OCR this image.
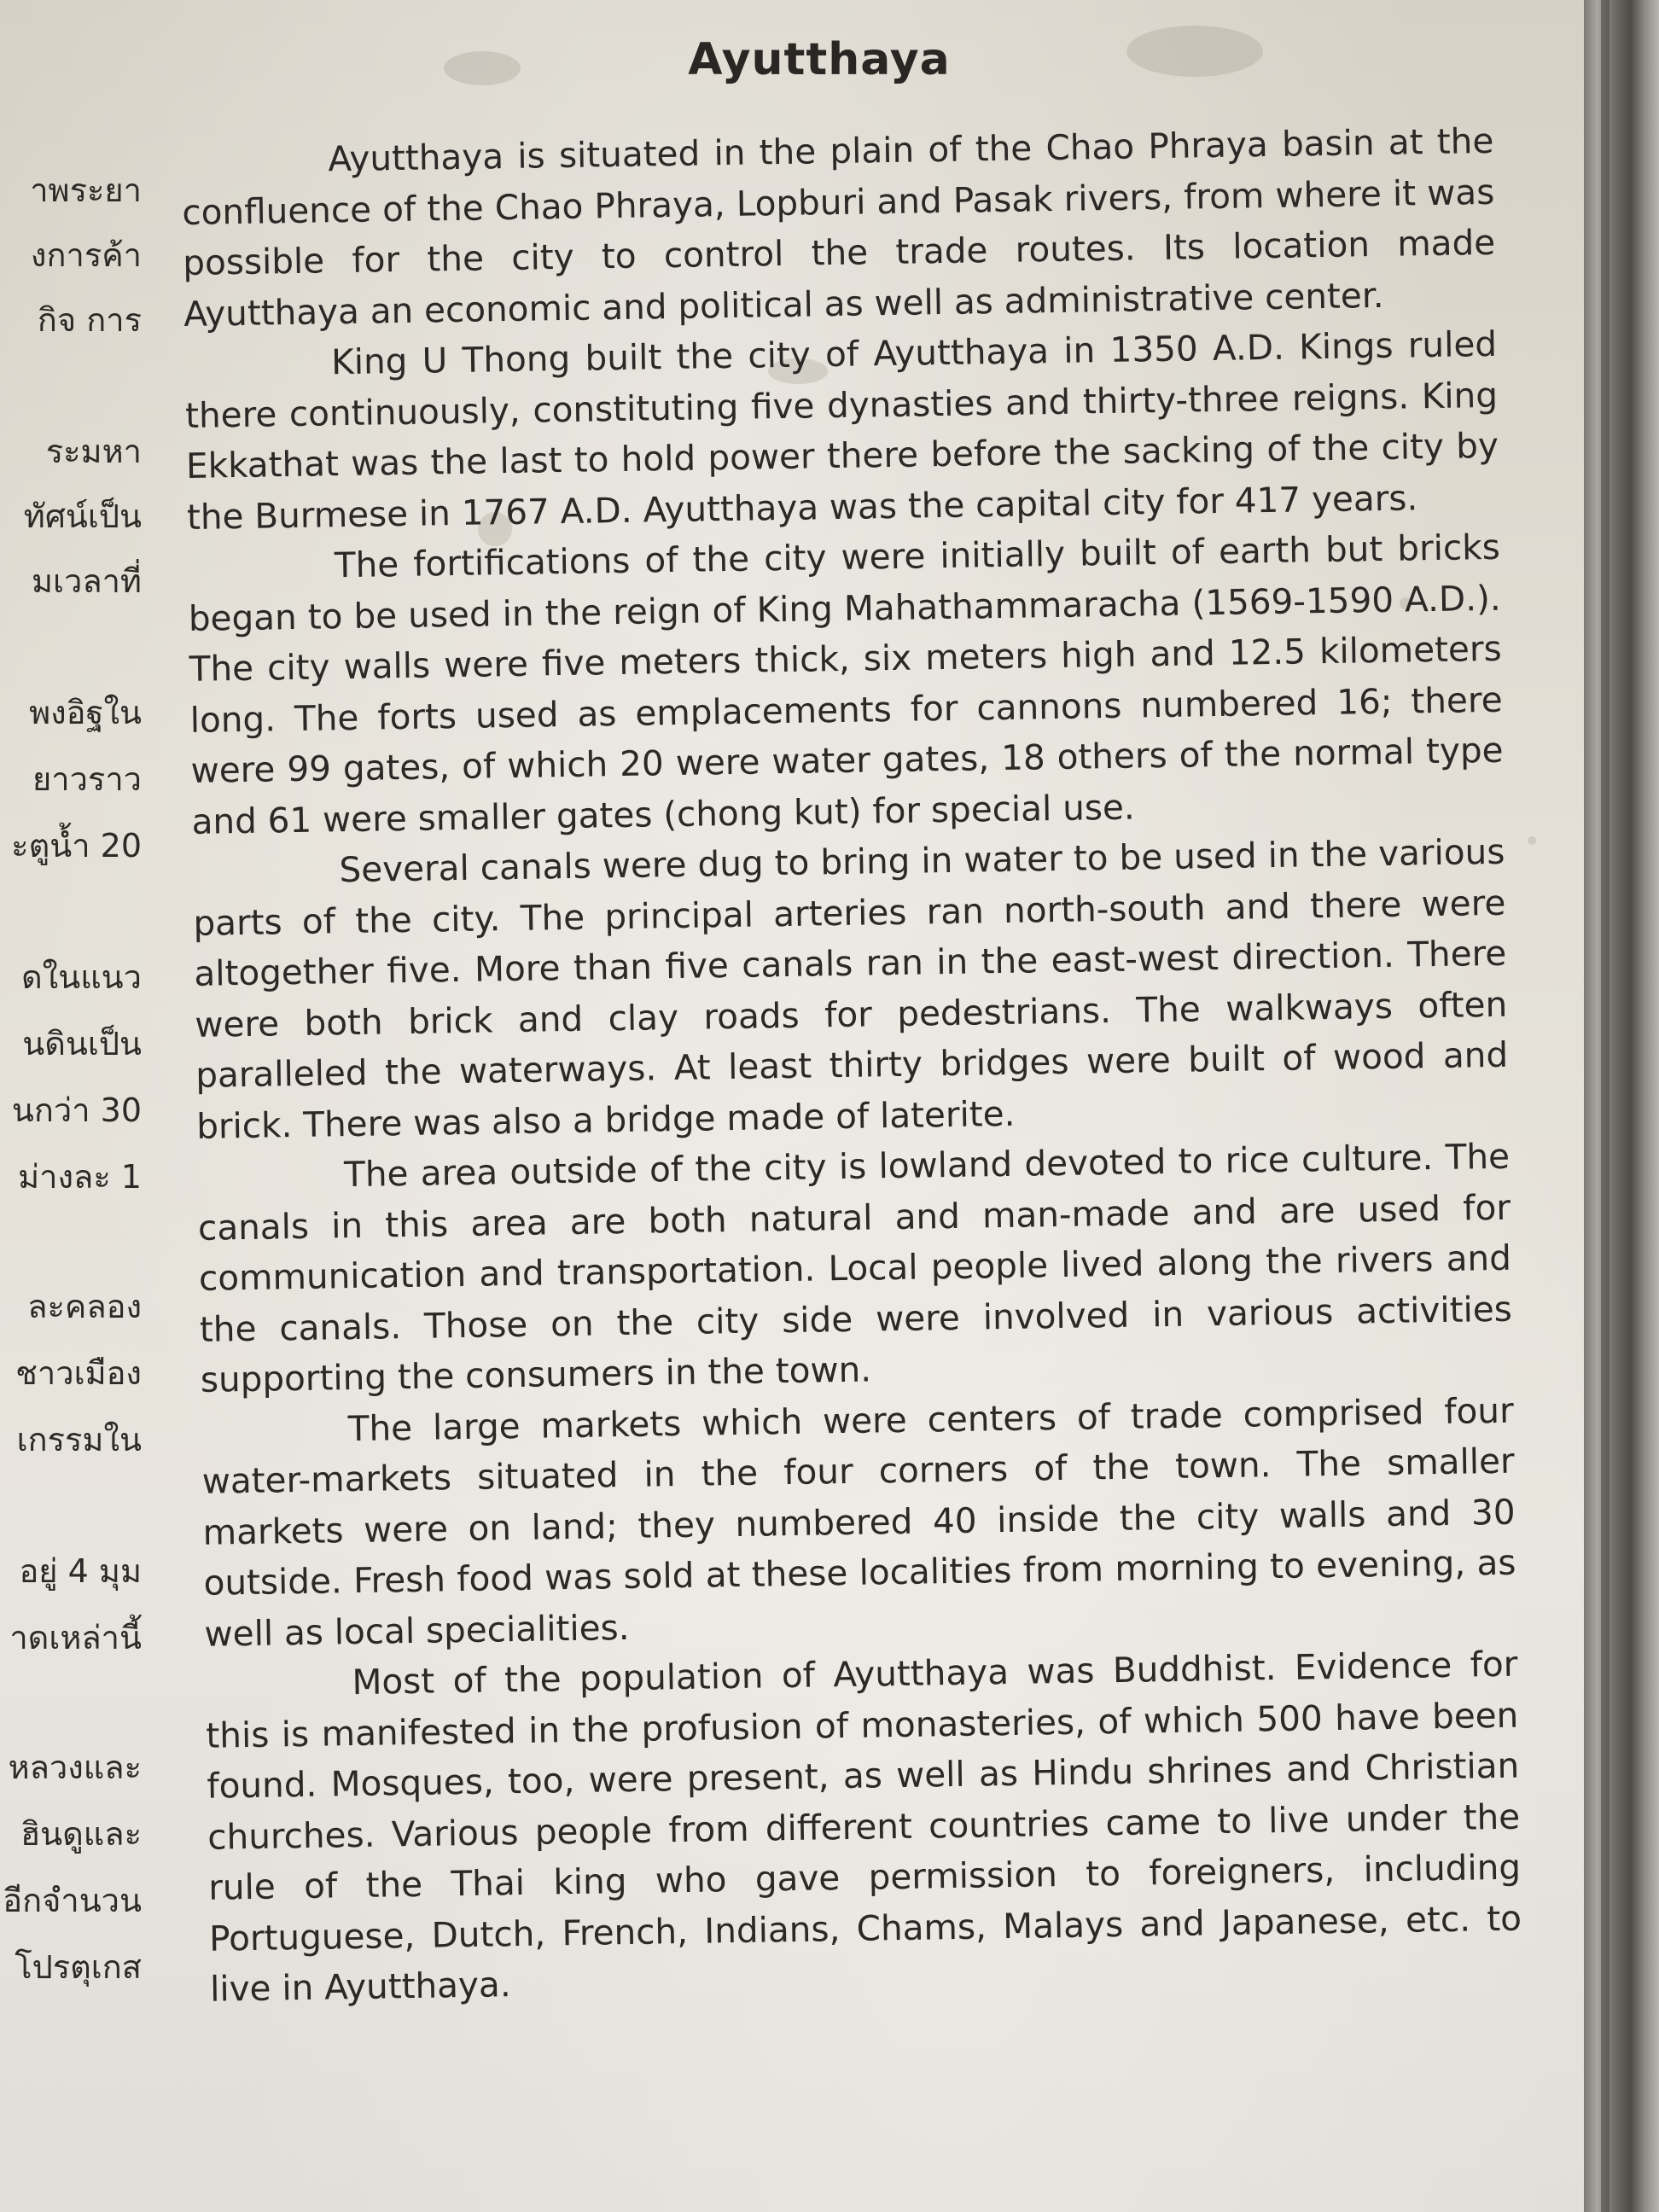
าพระยา
งการค้า
กิจ การ
ระมหา
ทัศน์เป็น
มเวลาที่
พงอิฐใน
ยาวราว
ะตูน้ำ 20
ดในแนว
นดินเป็น
นกว่า 30
ม่างละ 1
ละคลอง
ชาวเมือง
เกรรมใน
อยู่ 4 มุม
าดเหล่านี้
หลวงและ
ฮินดูและ
อีกจำนวน
โปรตุเกส
Ayutthaya

Ayutthaya is situated in the plain of the Chao Phraya basin at the confluence of the Chao Phraya, Lopburi and Pasak rivers, from where it was possible for the city to control the trade routes. Its location made Ayutthaya an economic and political as well as administrative center.

King U Thong built the city of Ayutthaya in 1350 A.D. Kings ruled there continuously, constituting five dynasties and thirty-three reigns. King Ekkathat was the last to hold power there before the sacking of the city by the Burmese in 1767 A.D. Ayutthaya was the capital city for 417 years.

The fortifications of the city were initially built of earth but bricks began to be used in the reign of King Mahathammaracha (1569-1590 A.D.). The city walls were five meters thick, six meters high and 12.5 kilometers long. The forts used as emplacements for cannons numbered 16; there were 99 gates, of which 20 were water gates, 18 others of the normal type and 61 were smaller gates (chong kut) for special use.

Several canals were dug to bring in water to be used in the various parts of the city. The principal arteries ran north-south and there were altogether five. More than five canals ran in the east-west direction. There were both brick and clay roads for pedestrians. The walkways often paralleled the waterways. At least thirty bridges were built of wood and brick. There was also a bridge made of laterite.

The area outside of the city is lowland devoted to rice culture. The canals in this area are both natural and man-made and are used for communication and transportation. Local people lived along the rivers and the canals. Those on the city side were involved in various activities supporting the consumers in the town.

The large markets which were centers of trade comprised four water-markets situated in the four corners of the town. The smaller markets were on land; they numbered 40 inside the city walls and 30 outside. Fresh food was sold at these localities from morning to evening, as well as local specialities.

Most of the population of Ayutthaya was Buddhist. Evidence for this is manifested in the profusion of monasteries, of which 500 have been found. Mosques, too, were present, as well as Hindu shrines and Christian churches. Various people from different countries came to live under the rule of the Thai king who gave permission to foreigners, including Portuguese, Dutch, French, Indians, Chams, Malays and Japanese, etc. to live in Ayutthaya.
